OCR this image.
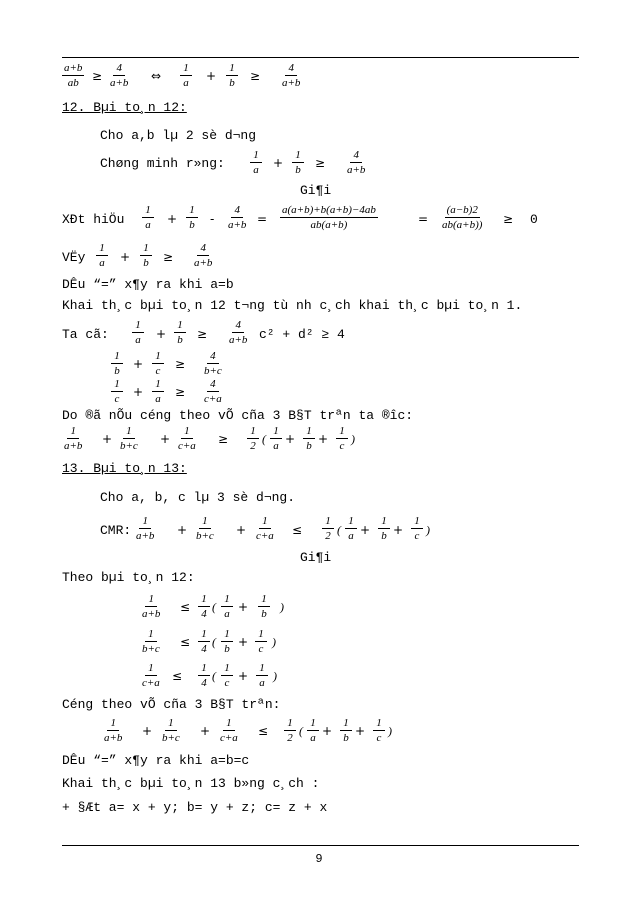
$\frac{a+b}{ab} \ge \frac{4}{a+b}$ ⇔ $\frac{1}{a} + \frac{1}{b} \ge \frac{4}{a+b}$
12. Bµi to¸n 12:
Cho a,b lµ 2 sè d¬ng
Chøng minh r»ng: $\frac{1}{a} + \frac{1}{b} \ge \frac{4}{a+b}$
Gi¶i
XÐt hiÖu $\frac{1}{a} + \frac{1}{b} - \frac{4}{a+b} = \frac{a(a+b)+b(a+b)-4ab}{ab(a+b)}$	= $\frac{(a-b)2}{ab(a+b))} \ge 0$
VËy $\frac{1}{a} + \frac{1}{b} \ge \frac{4}{a+b}$
DÊu “=” x¶y ra khi a=b
Khai th¸c bµi to¸n 12 t¬ng tù nh c¸ch khai th¸c bµi to¸n 1.
Ta cã: $\frac{1}{a} + \frac{1}{b} \ge \frac{4}{a+b} c^2 + d^2 \ge 4$
$\frac{1}{b} + \frac{1}{c} \ge \frac{4}{b+c}$
$\frac{1}{c} + \frac{1}{a} \ge \frac{4}{c+a}$
Do ®ã nÕu céng theo vÕ cña 3 B§T trªn ta ®îc:
$\frac{1}{a+b} + \frac{1}{b+c} + \frac{1}{c+a} \ge \frac{1}{2}$ ( $\frac{1}{a} + \frac{1}{b} + \frac{1}{c}$ )
13. Bµi to¸n 13:
Cho a, b, c lµ 3 sè d¬ng.
CMR: $\frac{1}{a+b} + \frac{1}{b+c} + \frac{1}{c+a} \le \frac{1}{2}$ ( $\frac{1}{a} + \frac{1}{b} + \frac{1}{c}$ )
Gi¶i
Theo bµi to¸n 12:
$\frac{1}{a+b} \le \frac{1}{4}$ ( $\frac{1}{a} + \frac{1}{b}$ )
$\frac{1}{b+c} \le \frac{1}{4}$ ( $\frac{1}{b} + \frac{1}{c}$ )
$\frac{1}{c+a} \le \frac{1}{4}$ ( $\frac{1}{c} + \frac{1}{a}$ )
Céng theo vÕ cña 3 B§T trªn:
$\frac{1}{a+b} + \frac{1}{b+c} + \frac{1}{c+a} \le \frac{1}{2}$ ( $\frac{1}{a} + \frac{1}{b} + \frac{1}{c}$ )
DÊu “=” x¶y ra khi a=b=c
Khai th¸c bµi to¸n 13 b»ng c¸ch :
+ §Æt a= x + y; b= y + z; c= z + x
9
